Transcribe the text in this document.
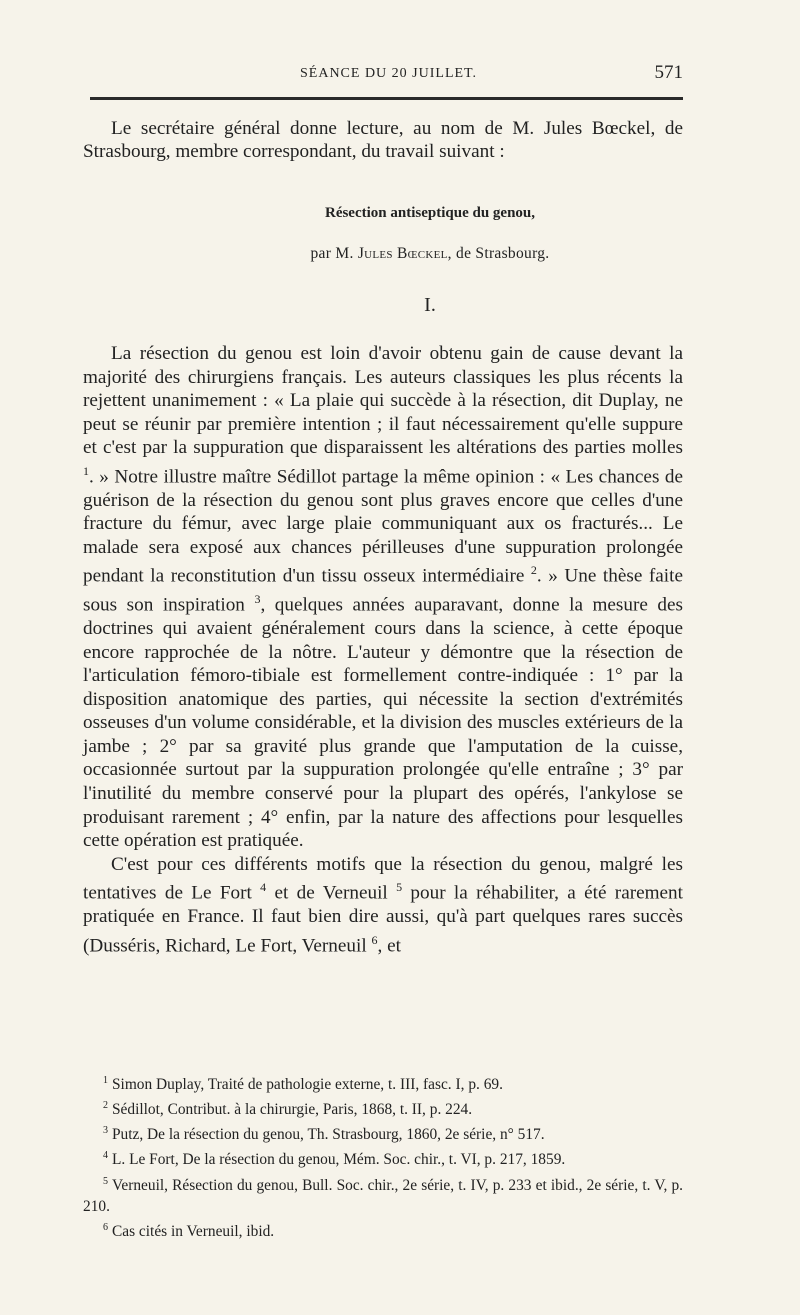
SÉANCE DU 20 JUILLET.	571

Le secrétaire général donne lecture, au nom de M. Jules Bœckel, de Strasbourg, membre correspondant, du travail suivant :

Résection antiseptique du genou,
par M. Jules Bœckel, de Strasbourg.
I.

La résection du genou est loin d'avoir obtenu gain de cause devant la majorité des chirurgiens français. Les auteurs classiques les plus récents la rejettent unanimement : « La plaie qui succède à la résection, dit Duplay, ne peut se réunir par première intention ; il faut nécessairement qu'elle suppure et c'est par la suppuration que disparaissent les altérations des parties molles $^1$. » Notre illustre maître Sédillot partage la même opinion : « Les chances de guérison de la résection du genou sont plus graves encore que celles d'une fracture du fémur, avec large plaie communiquant aux os fracturés... Le malade sera exposé aux chances périlleuses d'une suppuration prolongée pendant la reconstitution d'un tissu osseux intermédiaire $^2$. » Une thèse faite sous son inspiration $^3$, quelques années auparavant, donne la mesure des doctrines qui avaient généralement cours dans la science, à cette époque encore rapprochée de la nôtre. L'auteur y démontre que la résection de l'articulation fémoro-tibiale est formellement contre-indiquée : 1° par la disposition anatomique des parties, qui nécessite la section d'extrémités osseuses d'un volume considérable, et la division des muscles extérieurs de la jambe ; 2° par sa gravité plus grande que l'amputation de la cuisse, occasionnée surtout par la suppuration prolongée qu'elle entraîne ; 3° par l'inutilité du membre conservé pour la plupart des opérés, l'ankylose se produisant rarement ; 4° enfin, par la nature des affections pour lesquelles cette opération est pratiquée.

C'est pour ces différents motifs que la résection du genou, malgré les tentatives de Le Fort $^4$ et de Verneuil $^5$ pour la réhabiliter, a été rarement pratiquée en France. Il faut bien dire aussi, qu'à part quelques rares succès (Dusséris, Richard, Le Fort, Verneuil $^6$, et

$^1$ Simon Duplay, Traité de pathologie externe, t. III, fasc. I, p. 69.

$^2$ Sédillot, Contribut. à la chirurgie, Paris, 1868, t. II, p. 224.

$^3$ Putz, De la résection du genou, Th. Strasbourg, 1860, 2e série, n° 517.

$^4$ L. Le Fort, De la résection du genou, Mém. Soc. chir., t. VI, p. 217, 1859.

$^5$ Verneuil, Résection du genou, Bull. Soc. chir., 2e série, t. IV, p. 233 et ibid., 2e série, t. V, p. 210.

$^6$ Cas cités in Verneuil, ibid.
